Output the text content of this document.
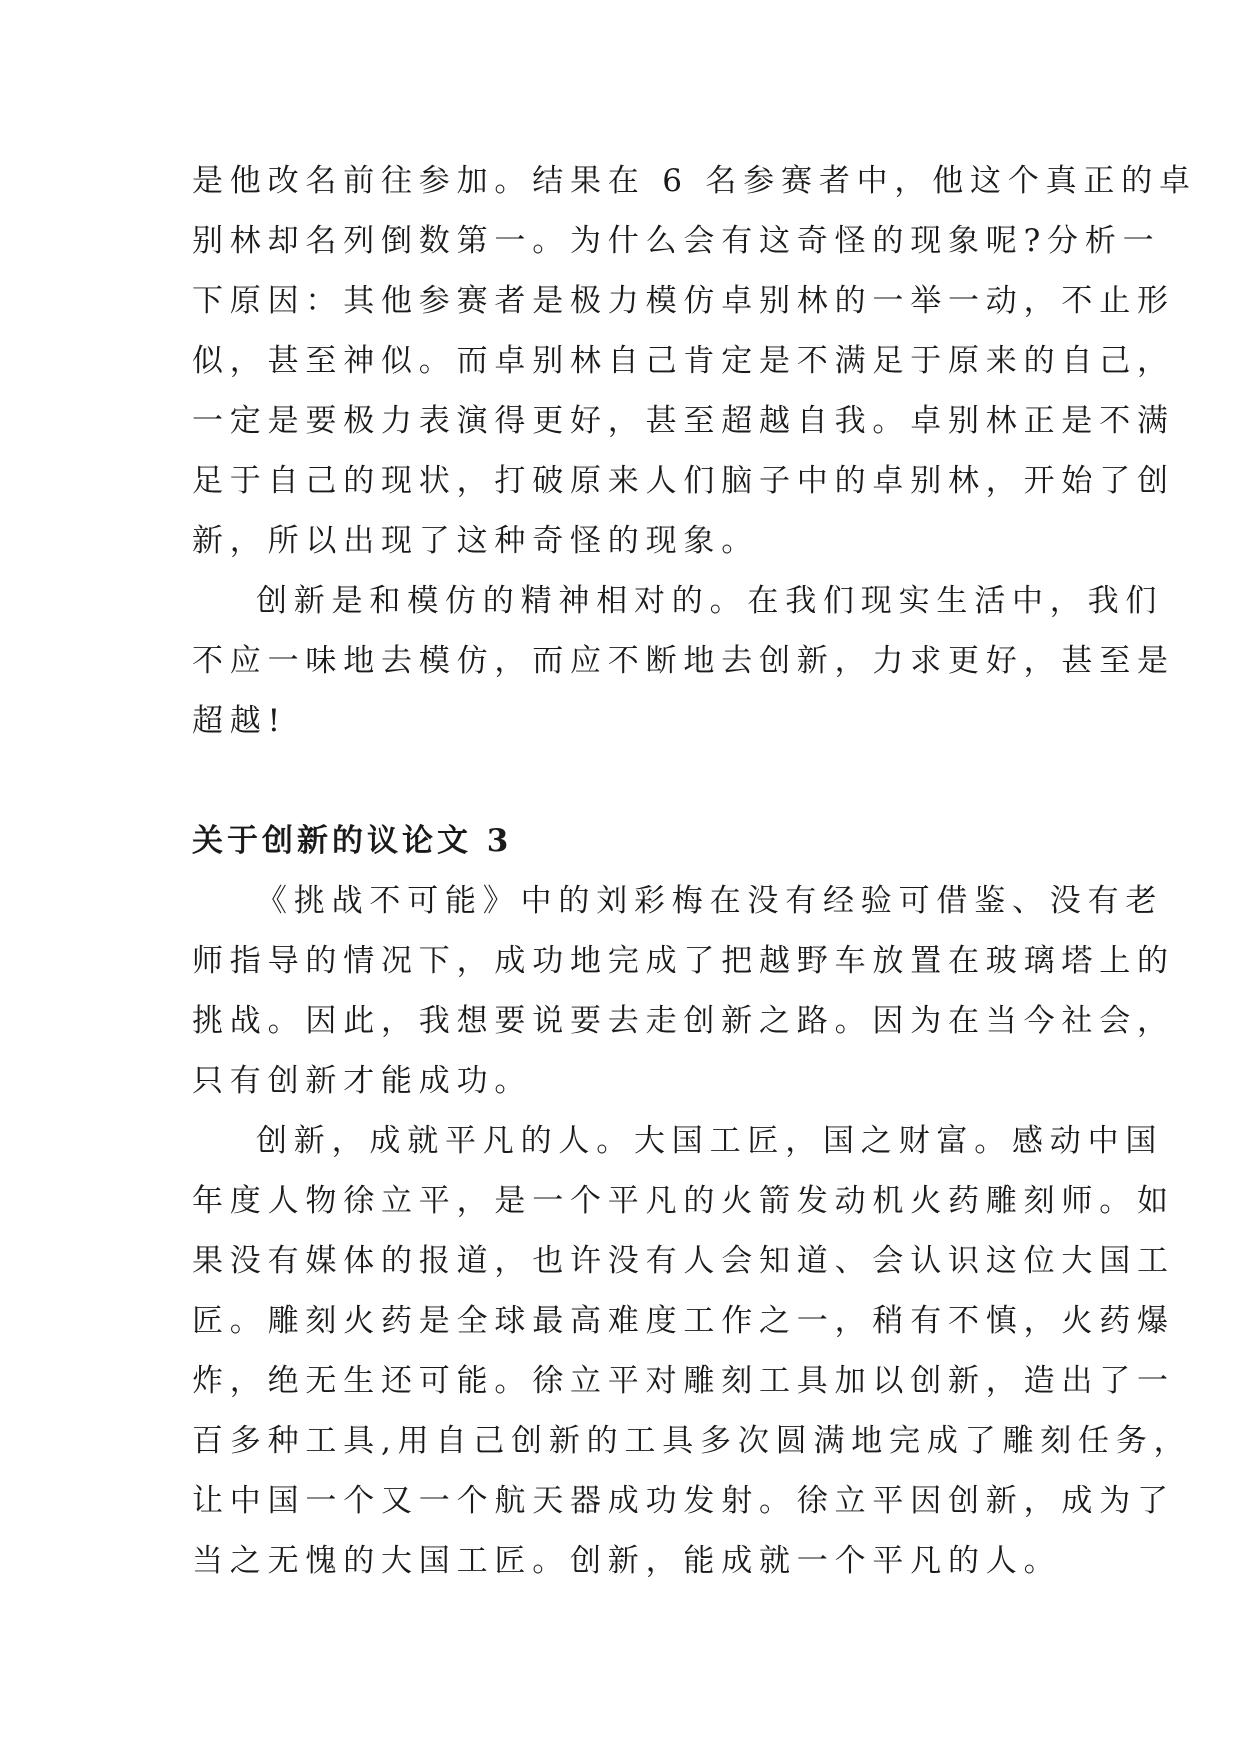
是他改名前往参加。结果在 6 名参赛者中，他这个真正的卓

别林却名列倒数第一。为什么会有这奇怪的现象呢?分析一

下原因：其他参赛者是极力模仿卓别林的一举一动，不止形

似，甚至神似。而卓别林自己肯定是不满足于原来的自己，

一定是要极力表演得更好，甚至超越自我。卓别林正是不满

足于自己的现状，打破原来人们脑子中的卓别林，开始了创

新，所以出现了这种奇怪的现象。

创新是和模仿的精神相对的。在我们现实生活中，我们

不应一味地去模仿，而应不断地去创新，力求更好，甚至是

超越!

关于创新的议论文 3

《挑战不可能》中的刘彩梅在没有经验可借鉴、没有老

师指导的情况下，成功地完成了把越野车放置在玻璃塔上的

挑战。因此，我想要说要去走创新之路。因为在当今社会，

只有创新才能成功。

创新，成就平凡的人。大国工匠，国之财富。感动中国

年度人物徐立平，是一个平凡的火箭发动机火药雕刻师。如

果没有媒体的报道，也许没有人会知道、会认识这位大国工

匠。雕刻火药是全球最高难度工作之一，稍有不慎，火药爆

炸，绝无生还可能。徐立平对雕刻工具加以创新，造出了一

百多种工具,用自己创新的工具多次圆满地完成了雕刻任务，

让中国一个又一个航天器成功发射。徐立平因创新，成为了

当之无愧的大国工匠。创新，能成就一个平凡的人。
